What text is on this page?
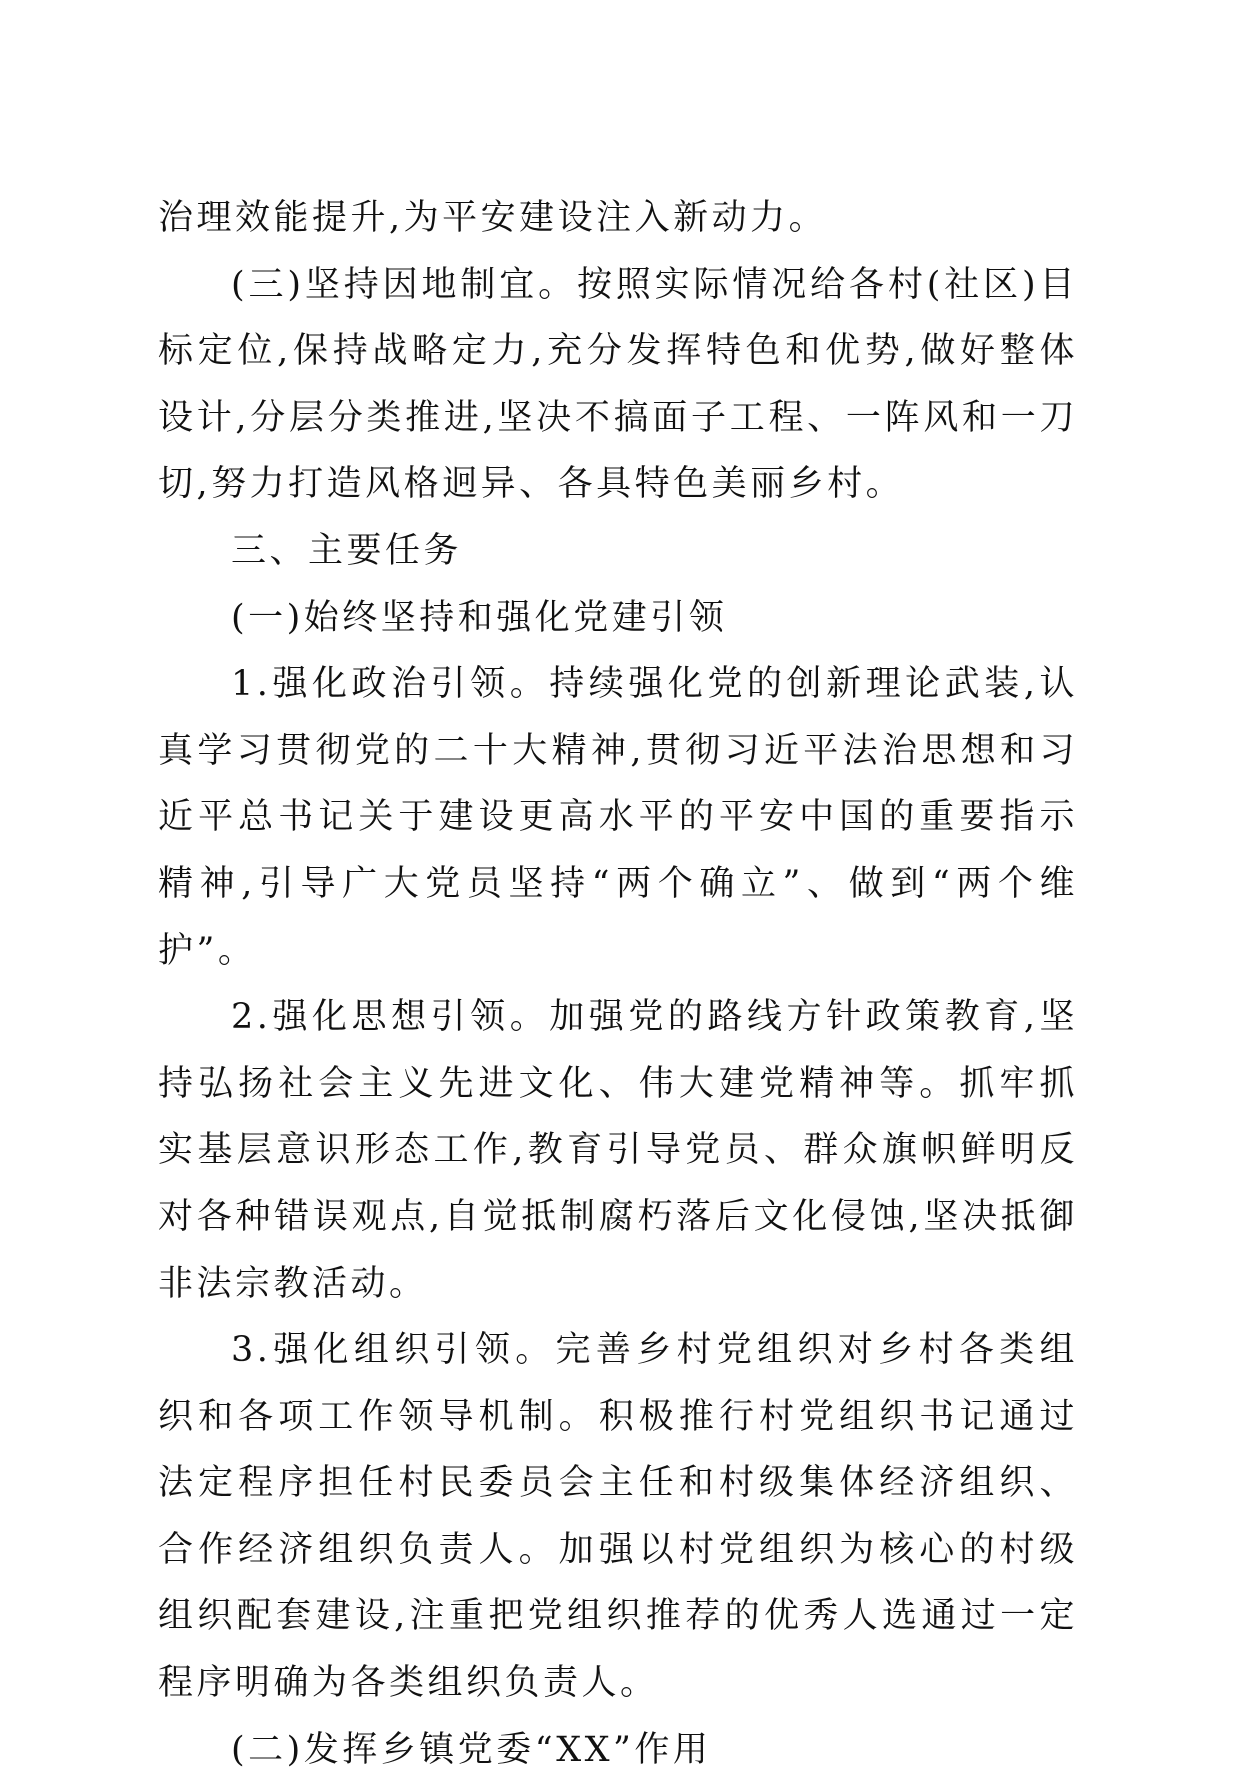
治理效能提升,为平安建设注入新动力。

(三)坚持因地制宜。按照实际情况给各村(社区)目标定位,保持战略定力,充分发挥特色和优势,做好整体设计,分层分类推进,坚决不搞面子工程、一阵风和一刀切,努力打造风格迥异、各具特色美丽乡村。

三、主要任务

(一)始终坚持和强化党建引领

1.强化政治引领。持续强化党的创新理论武装,认真学习贯彻党的二十大精神,贯彻习近平法治思想和习近平总书记关于建设更高水平的平安中国的重要指示精神,引导广大党员坚持“两个确立”、做到“两个维护”。

2.强化思想引领。加强党的路线方针政策教育,坚持弘扬社会主义先进文化、伟大建党精神等。抓牢抓实基层意识形态工作,教育引导党员、群众旗帜鲜明反对各种错误观点,自觉抵制腐朽落后文化侵蚀,坚决抵御非法宗教活动。

3.强化组织引领。完善乡村党组织对乡村各类组织和各项工作领导机制。积极推行村党组织书记通过法定程序担任村民委员会主任和村级集体经济组织、合作经济组织负责人。加强以村党组织为核心的村级组织配套建设,注重把党组织推荐的优秀人选通过一定程序明确为各类组织负责人。

(二)发挥乡镇党委“XX”作用
